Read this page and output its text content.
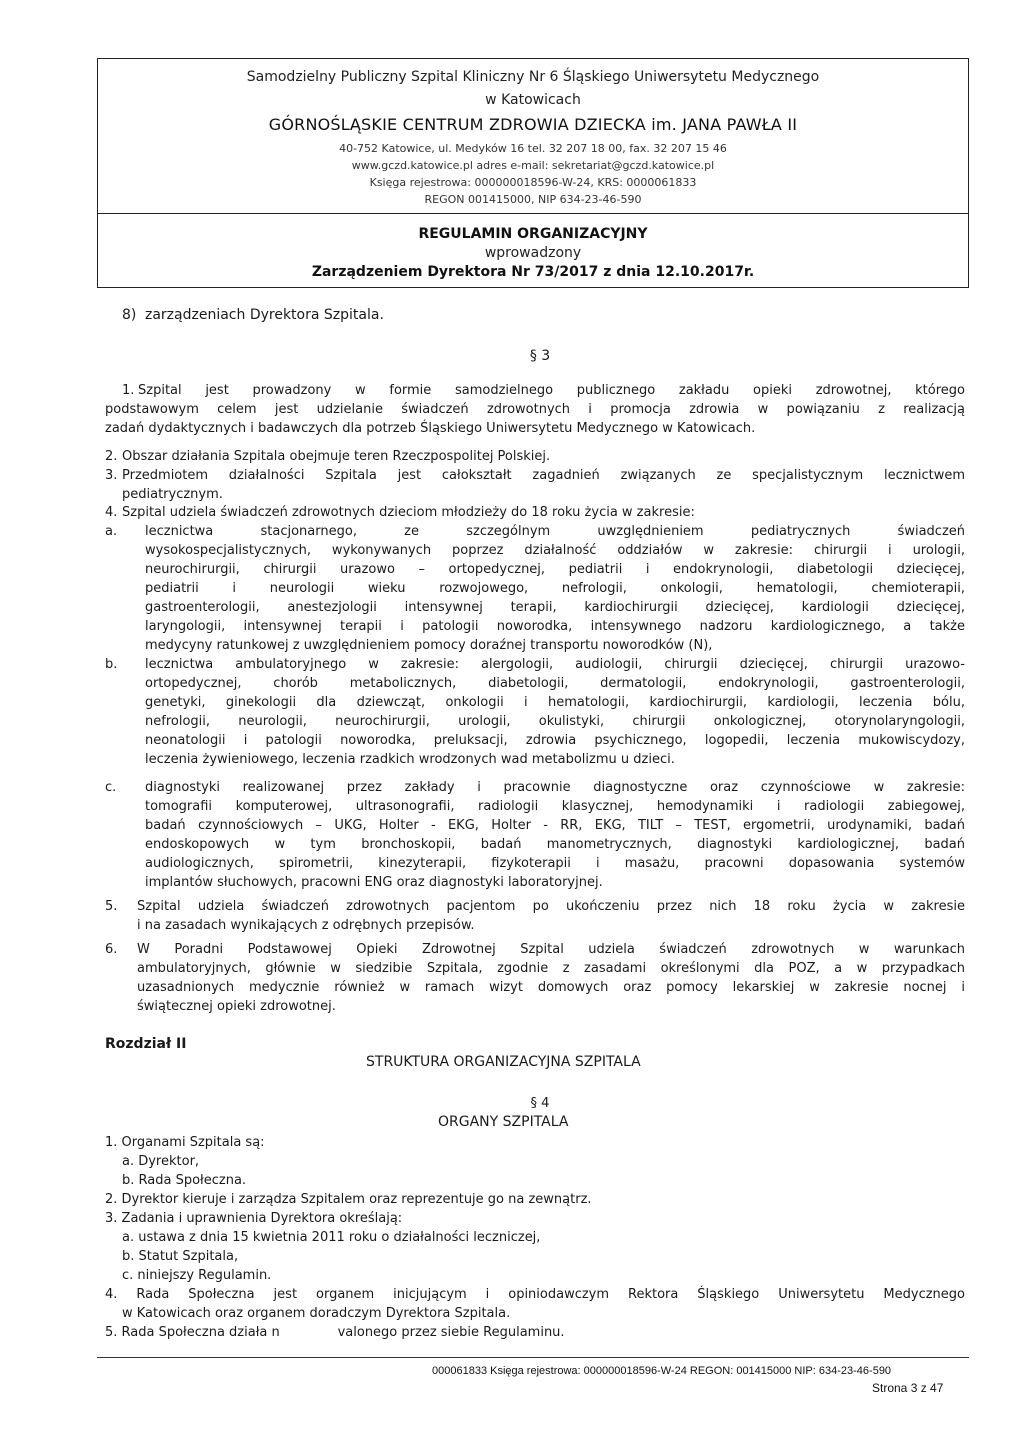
Samodzielny Publiczny Szpital Kliniczny Nr 6 Śląskiego Uniwersytetu Medycznego
w Katowicach
GÓRNOŚLĄSKIE CENTRUM ZDROWIA DZIECKA im. JANA PAWŁA II
40-752 Katowice, ul. Medyków 16 tel. 32 207 18 00, fax. 32 207 15 46
www.gczd.katowice.pl adres e-mail: sekretariat@gczd.katowice.pl
Księga rejestrowa: 000000018596-W-24, KRS: 0000061833
REGON 001415000, NIP 634-23-46-590
REGULAMIN ORGANIZACYJNY
wprowadzony
Zarządzeniem Dyrektora Nr 73/2017 z dnia 12.10.2017r.
8) zarządzeniach Dyrektora Szpitala.
§ 3
1. Szpital jest prowadzony w formie samodzielnego publicznego zakładu opieki zdrowotnej, którego
podstawowym celem jest udzielanie świadczeń zdrowotnych i promocja zdrowia w powiązaniu z realizacją
zadań dydaktycznych i badawczych dla potrzeb Śląskiego Uniwersytetu Medycznego w Katowicach.
2. Obszar działania Szpitala obejmuje teren Rzeczpospolitej Polskiej.
3. Przedmiotem działalności Szpitala jest całokształt zagadnień związanych ze specjalistycznym lecznictwem
pediatrycznym.
4. Szpital udziela świadczeń zdrowotnych dzieciom młodzieży do 18 roku życia w zakresie:
a. lecznictwa stacjonarnego, ze szczególnym uwzględnieniem pediatrycznych świadczeń
wysokospecjalistycznych, wykonywanych poprzez działalność oddziałów w zakresie: chirurgii i urologii,
neurochirurgii, chirurgii urazowo – ortopedycznej, pediatrii i endokrynologii, diabetologii dziecięcej,
pediatrii i neurologii wieku rozwojowego, nefrologii, onkologii, hematologii, chemioterapii,
gastroenterologii, anestezjologii intensywnej terapii, kardiochirurgii dziecięcej, kardiologii dziecięcej,
laryngologii, intensywnej terapii i patologii noworodka, intensywnego nadzoru kardiologicznego, a także
medycyny ratunkowej z uwzględnieniem pomocy doraźnej transportu noworodków (N),
b. lecznictwa ambulatoryjnego w zakresie: alergologii, audiologii, chirurgii dziecięcej, chirurgii urazowo-
ortopedycznej, chorób metabolicznych, diabetologii, dermatologii, endokrynologii, gastroenterologii,
genetyki, ginekologii dla dziewcząt, onkologii i hematologii, kardiochirurgii, kardiologii, leczenia bólu,
nefrologii, neurologii, neurochirurgii, urologii, okulistyki, chirurgii onkologicznej, otorynolaryngologii,
neonatologii i patologii noworodka, preluksacji, zdrowia psychicznego, logopedii, leczenia mukowiscydozy,
leczenia żywieniowego, leczenia rzadkich wrodzonych wad metabolizmu u dzieci.
c. diagnostyki realizowanej przez zakłady i pracownie diagnostyczne oraz czynnościowe w zakresie:
tomografii komputerowej, ultrasonografii, radiologii klasycznej, hemodynamiki i radiologii zabiegowej,
badań czynnościowych – UKG, Holter - EKG, Holter - RR, EKG, TILT – TEST, ergometrii, urodynamiki, badań
endoskopowych w tym bronchoskopii, badań manometrycznych, diagnostyki kardiologicznej, badań
audiologicznych, spirometrii, kinezyterapii, fizykoterapii i masażu, pracowni dopasowania systemów
implantów słuchowych, pracowni ENG oraz diagnostyki laboratoryjnej.
5. Szpital udziela świadczeń zdrowotnych pacjentom po ukończeniu przez nich 18 roku życia w zakresie
i na zasadach wynikających z odrębnych przepisów.
6. W Poradni Podstawowej Opieki Zdrowotnej Szpital udziela świadczeń zdrowotnych w warunkach
ambulatoryjnych, głównie w siedzibie Szpitala, zgodnie z zasadami określonymi dla POZ, a w przypadkach
uzasadnionych medycznie również w ramach wizyt domowych oraz pomocy lekarskiej w zakresie nocnej i
świątecznej opieki zdrowotnej.
Rozdział II
STRUKTURA ORGANIZACYJNA SZPITALA
§ 4
ORGANY SZPITALA
1. Organami Szpitala są:
a. Dyrektor,
b. Rada Społeczna.
2. Dyrektor kieruje i zarządza Szpitalem oraz reprezentuje go na zewnątrz.
3. Zadania i uprawnienia Dyrektora określają:
a. ustawa z dnia 15 kwietnia 2011 roku o działalności leczniczej,
b. Statut Szpitala,
c. niniejszy Regulamin.
4. Rada Społeczna jest organem inicjującym i opiniodawczym Rektora Śląskiego Uniwersytetu Medycznego
w Katowicach oraz organem doradczym Dyrektora Szpitala.
5. Rada Społeczna działa n              valonego przez siebie Regulaminu.
000061833 Księga rejestrowa: 000000018596-W-24 REGON: 001415000 NIP: 634-23-46-590
Strona 3 z 47
